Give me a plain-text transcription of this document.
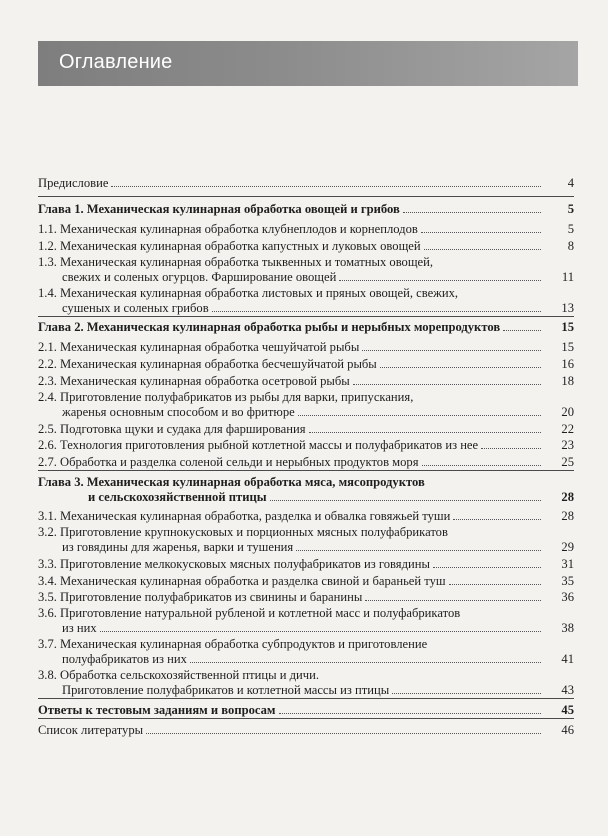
Оглавление
Предисловие	4
Глава 1. Механическая кулинарная обработка овощей и грибов	5
1.1. Механическая кулинарная обработка клубнеплодов и корнеплодов	5
1.2. Механическая кулинарная обработка капустных и луковых овощей	8
1.3. Механическая кулинарная обработка тыквенных и томатных овощей,
свежих и соленых огурцов. Фарширование овощей	11
1.4. Механическая кулинарная обработка листовых и пряных овощей, свежих,
сушеных и соленых грибов	13
Глава 2. Механическая кулинарная обработка рыбы и нерыбных морепродуктов	15
2.1. Механическая кулинарная обработка чешуйчатой рыбы	15
2.2. Механическая кулинарная обработка бесчешуйчатой рыбы	16
2.3. Механическая кулинарная обработка осетровой рыбы	18
2.4. Приготовление полуфабрикатов из рыбы для варки, припускания,
жаренья основным способом и во фритюре	20
2.5. Подготовка щуки и судака для фарширования	22
2.6. Технология приготовления рыбной котлетной массы и полуфабрикатов из нее	23
2.7. Обработка и разделка соленой сельди и нерыбных продуктов моря	25
Глава 3. Механическая кулинарная обработка мяса, мясопродуктов
и сельскохозяйственной птицы	28
3.1. Механическая кулинарная обработка, разделка и обвалка говяжьей туши	28
3.2. Приготовление крупнокусковых и порционных мясных полуфабрикатов
из говядины для жаренья, варки и тушения	29
3.3. Приготовление мелкокусковых мясных полуфабрикатов из говядины	31
3.4. Механическая кулинарная обработка и разделка свиной и бараньей туш	35
3.5. Приготовление полуфабрикатов из свинины и баранины	36
3.6. Приготовление натуральной рубленой и котлетной масс и полуфабрикатов
из них	38
3.7. Механическая кулинарная обработка субпродуктов и приготовление
полуфабрикатов из них	41
3.8. Обработка сельскохозяйственной птицы и дичи.
Приготовление полуфабрикатов и котлетной массы из птицы	43
Ответы к тестовым заданиям и вопросам	45
Список литературы	46
